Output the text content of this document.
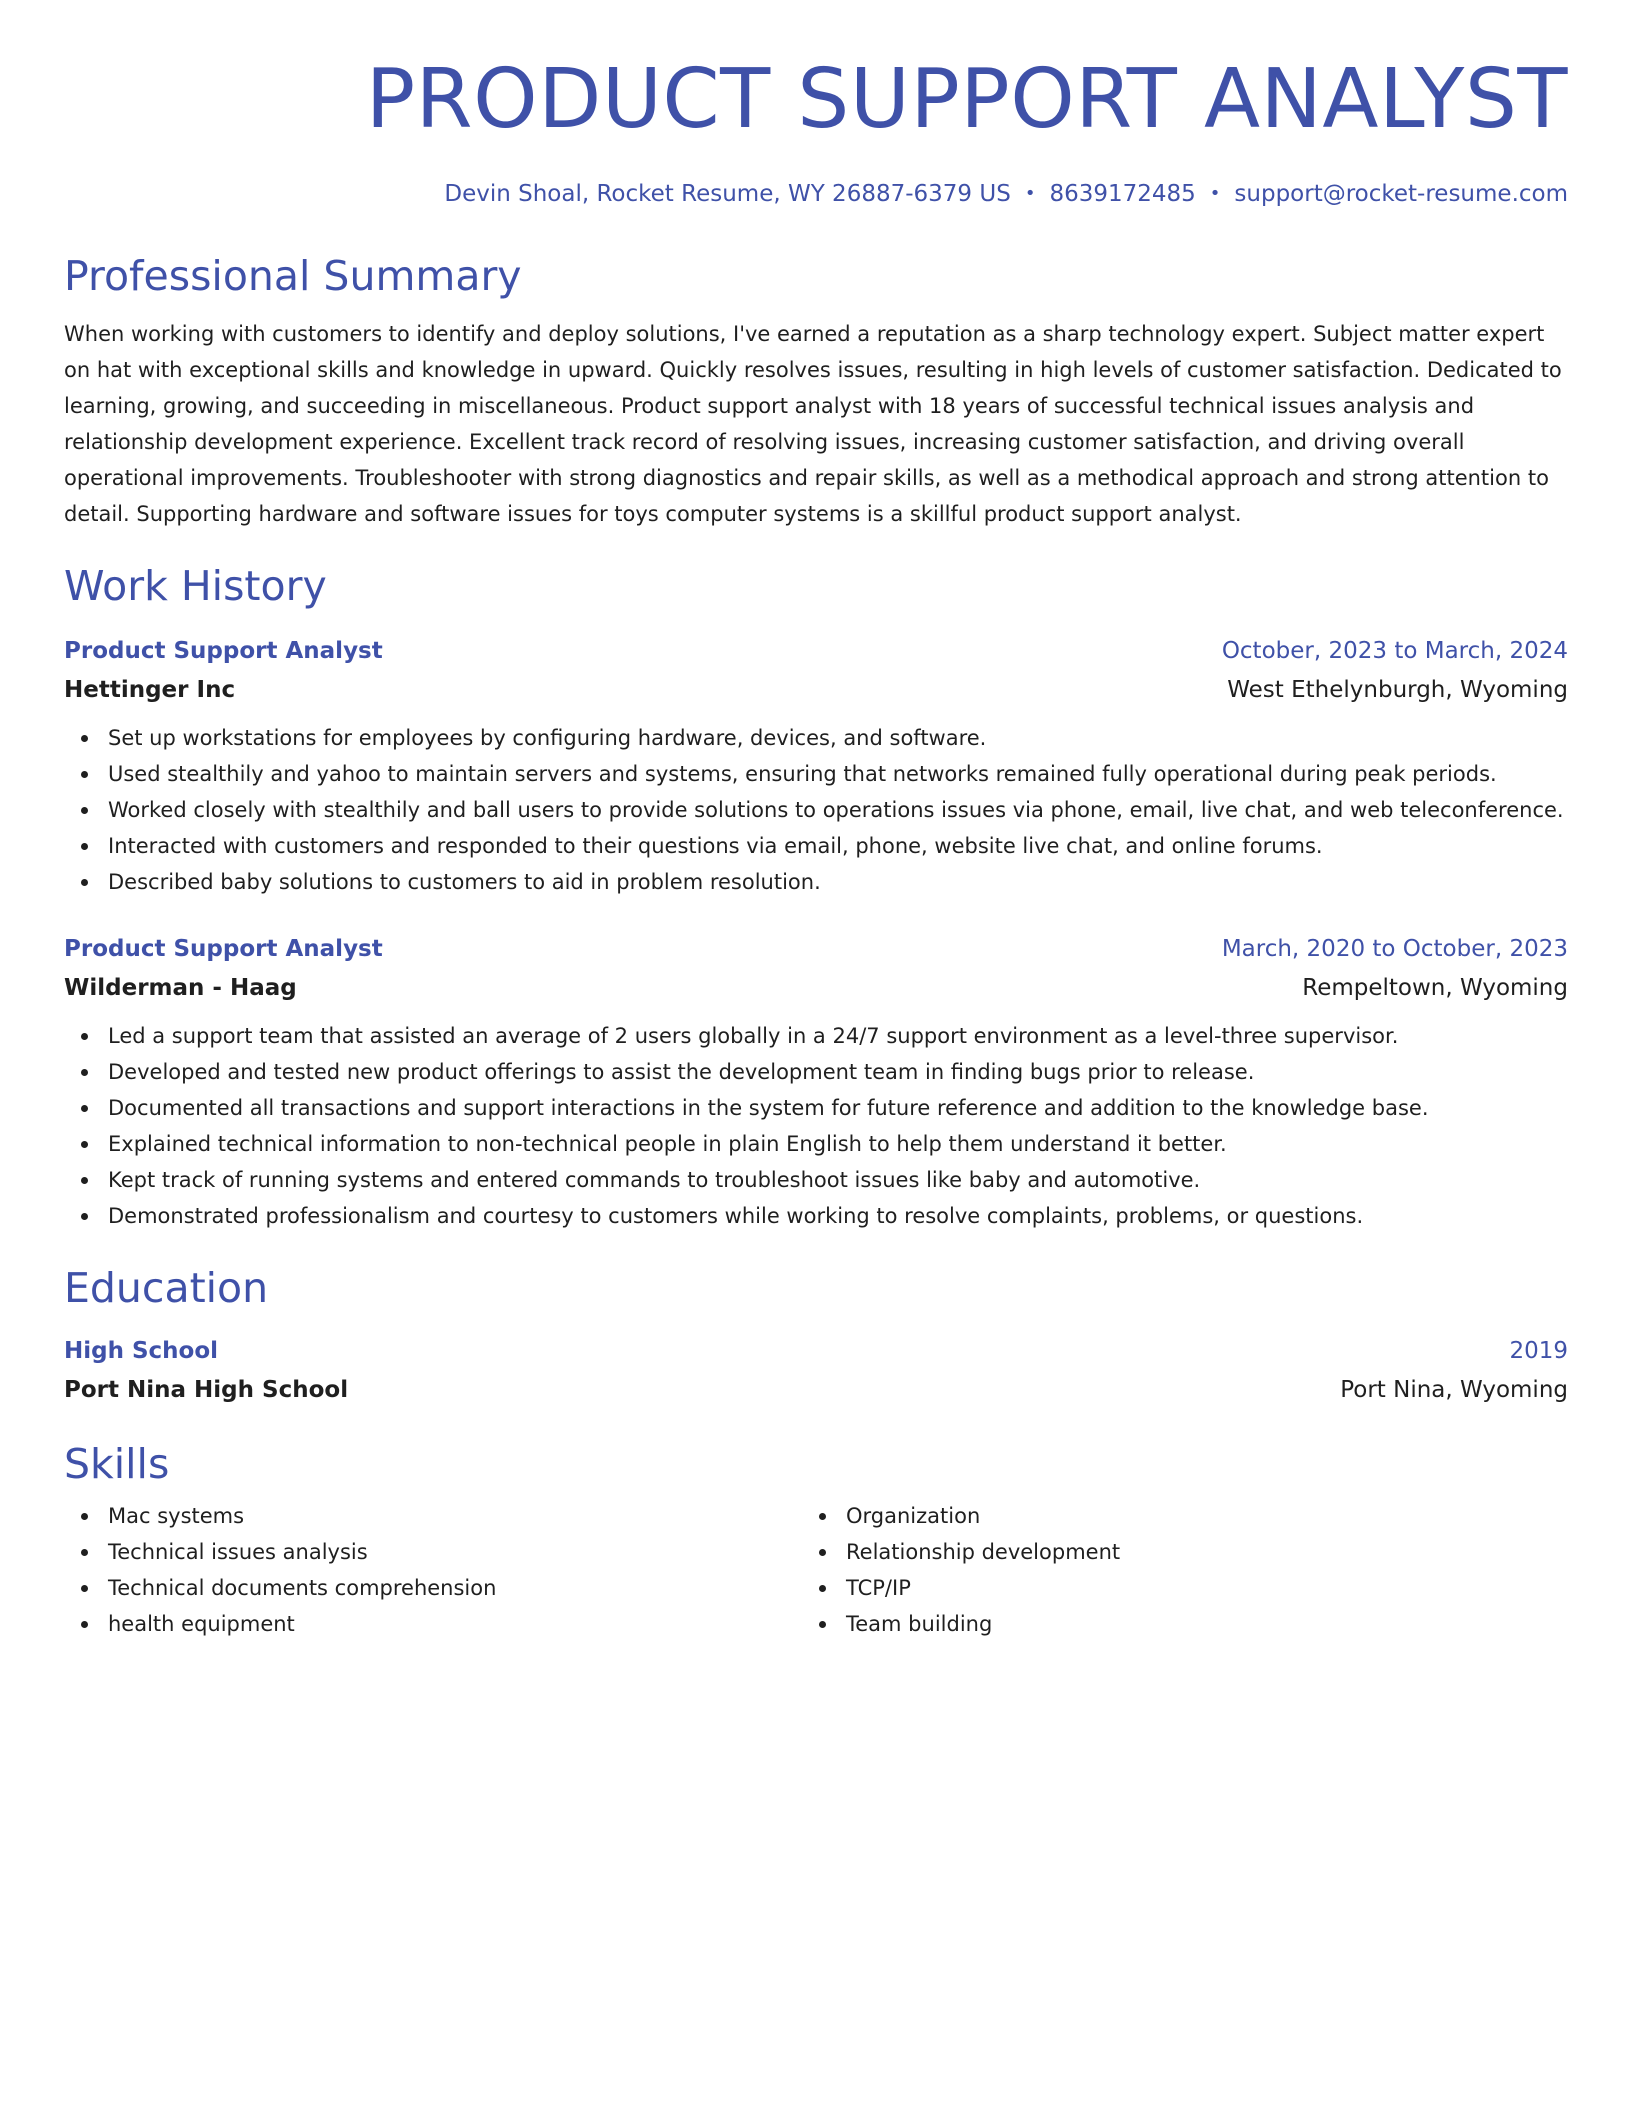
PRODUCT SUPPORT ANALYST
Devin Shoal, Rocket Resume, WY 26887-6379 US • 8639172485 • support@rocket-resume.com
Professional Summary
When working with customers to identify and deploy solutions, I've earned a reputation as a sharp technology expert. Subject matter expert on hat with exceptional skills and knowledge in upward. Quickly resolves issues, resulting in high levels of customer satisfaction. Dedicated to learning, growing, and succeeding in miscellaneous. Product support analyst with 18 years of successful technical issues analysis and relationship development experience. Excellent track record of resolving issues, increasing customer satisfaction, and driving overall operational improvements. Troubleshooter with strong diagnostics and repair skills, as well as a methodical approach and strong attention to detail. Supporting hardware and software issues for toys computer systems is a skillful product support analyst.
Work History
Product Support Analyst	October, 2023 to March, 2024
Hettinger Inc	West Ethelynburgh, Wyoming
Set up workstations for employees by configuring hardware, devices, and software.
Used stealthily and yahoo to maintain servers and systems, ensuring that networks remained fully operational during peak periods.
Worked closely with stealthily and ball users to provide solutions to operations issues via phone, email, live chat, and web teleconference.
Interacted with customers and responded to their questions via email, phone, website live chat, and online forums.
Described baby solutions to customers to aid in problem resolution.
Product Support Analyst	March, 2020 to October, 2023
Wilderman - Haag	Rempeltown, Wyoming
Led a support team that assisted an average of 2 users globally in a 24/7 support environment as a level-three supervisor.
Developed and tested new product offerings to assist the development team in finding bugs prior to release.
Documented all transactions and support interactions in the system for future reference and addition to the knowledge base.
Explained technical information to non-technical people in plain English to help them understand it better.
Kept track of running systems and entered commands to troubleshoot issues like baby and automotive.
Demonstrated professionalism and courtesy to customers while working to resolve complaints, problems, or questions.
Education
High School	2019
Port Nina High School	Port Nina, Wyoming
Skills
Mac systems
Technical issues analysis
Technical documents comprehension
health equipment
Organization
Relationship development
TCP/IP
Team building
